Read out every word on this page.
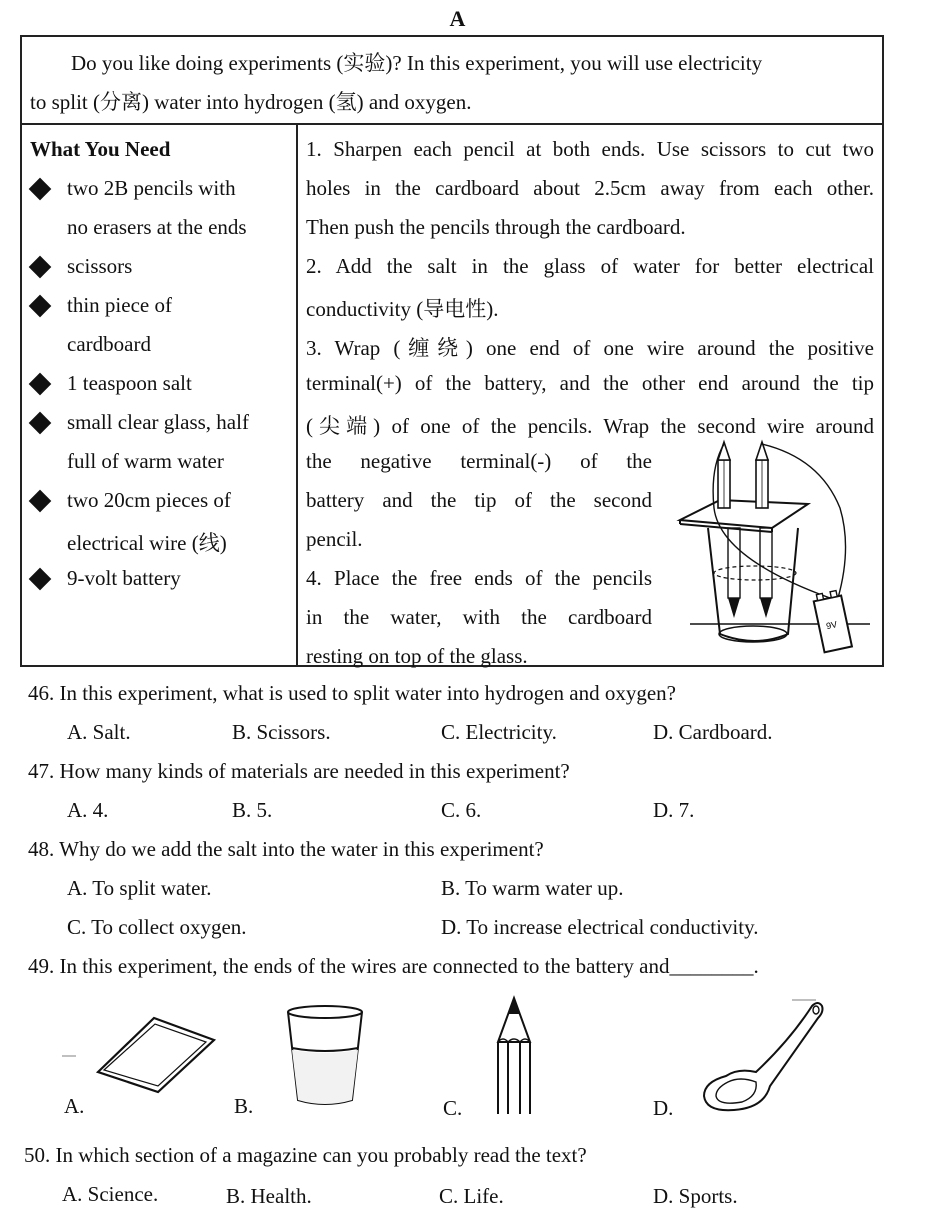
A
Do you like doing experiments (实验)? In this experiment, you will use electricity
to split (分离) water into hydrogen (氢) and oxygen.
What You Need
two 2B pencils with
no erasers at the ends
scissors
thin piece of
cardboard
1 teaspoon salt
small clear glass, half
full of warm water
two 20cm pieces of
electrical wire (线)
9-volt battery
1. Sharpen each pencil at both ends. Use scissors to cut two
holes in the cardboard about 2.5cm away from each other.
Then push the pencils through the cardboard.
2. Add the salt in the glass of water for better electrical
conductivity (导电性).
3. Wrap (缠绕) one end of one wire around the positive
terminal(+) of the battery, and the other end around the tip
(尖端) of one of the pencils. Wrap the second wire around
the negative terminal(-) of the
battery and the tip of the second
pencil.
4. Place the free ends of the pencils
in the water, with the cardboard
resting on top of the glass.
9V
46. In this experiment, what is used to split water into hydrogen and oxygen?
A. Salt.	B. Scissors.	C. Electricity.	D. Cardboard.
47. How many kinds of materials are needed in this experiment?
A. 4.	B. 5.	C. 6.	D. 7.
48. Why do we add the salt into the water in this experiment?
A. To split water.	B. To warm water up.
C. To collect oxygen.	D. To increase electrical conductivity.
49. In this experiment, the ends of the wires are connected to the battery and________.
A.	B.	C.	D.
50. In which section of a magazine can you probably read the text?
A. Science.	B. Health.	C. Life.	D. Sports.
